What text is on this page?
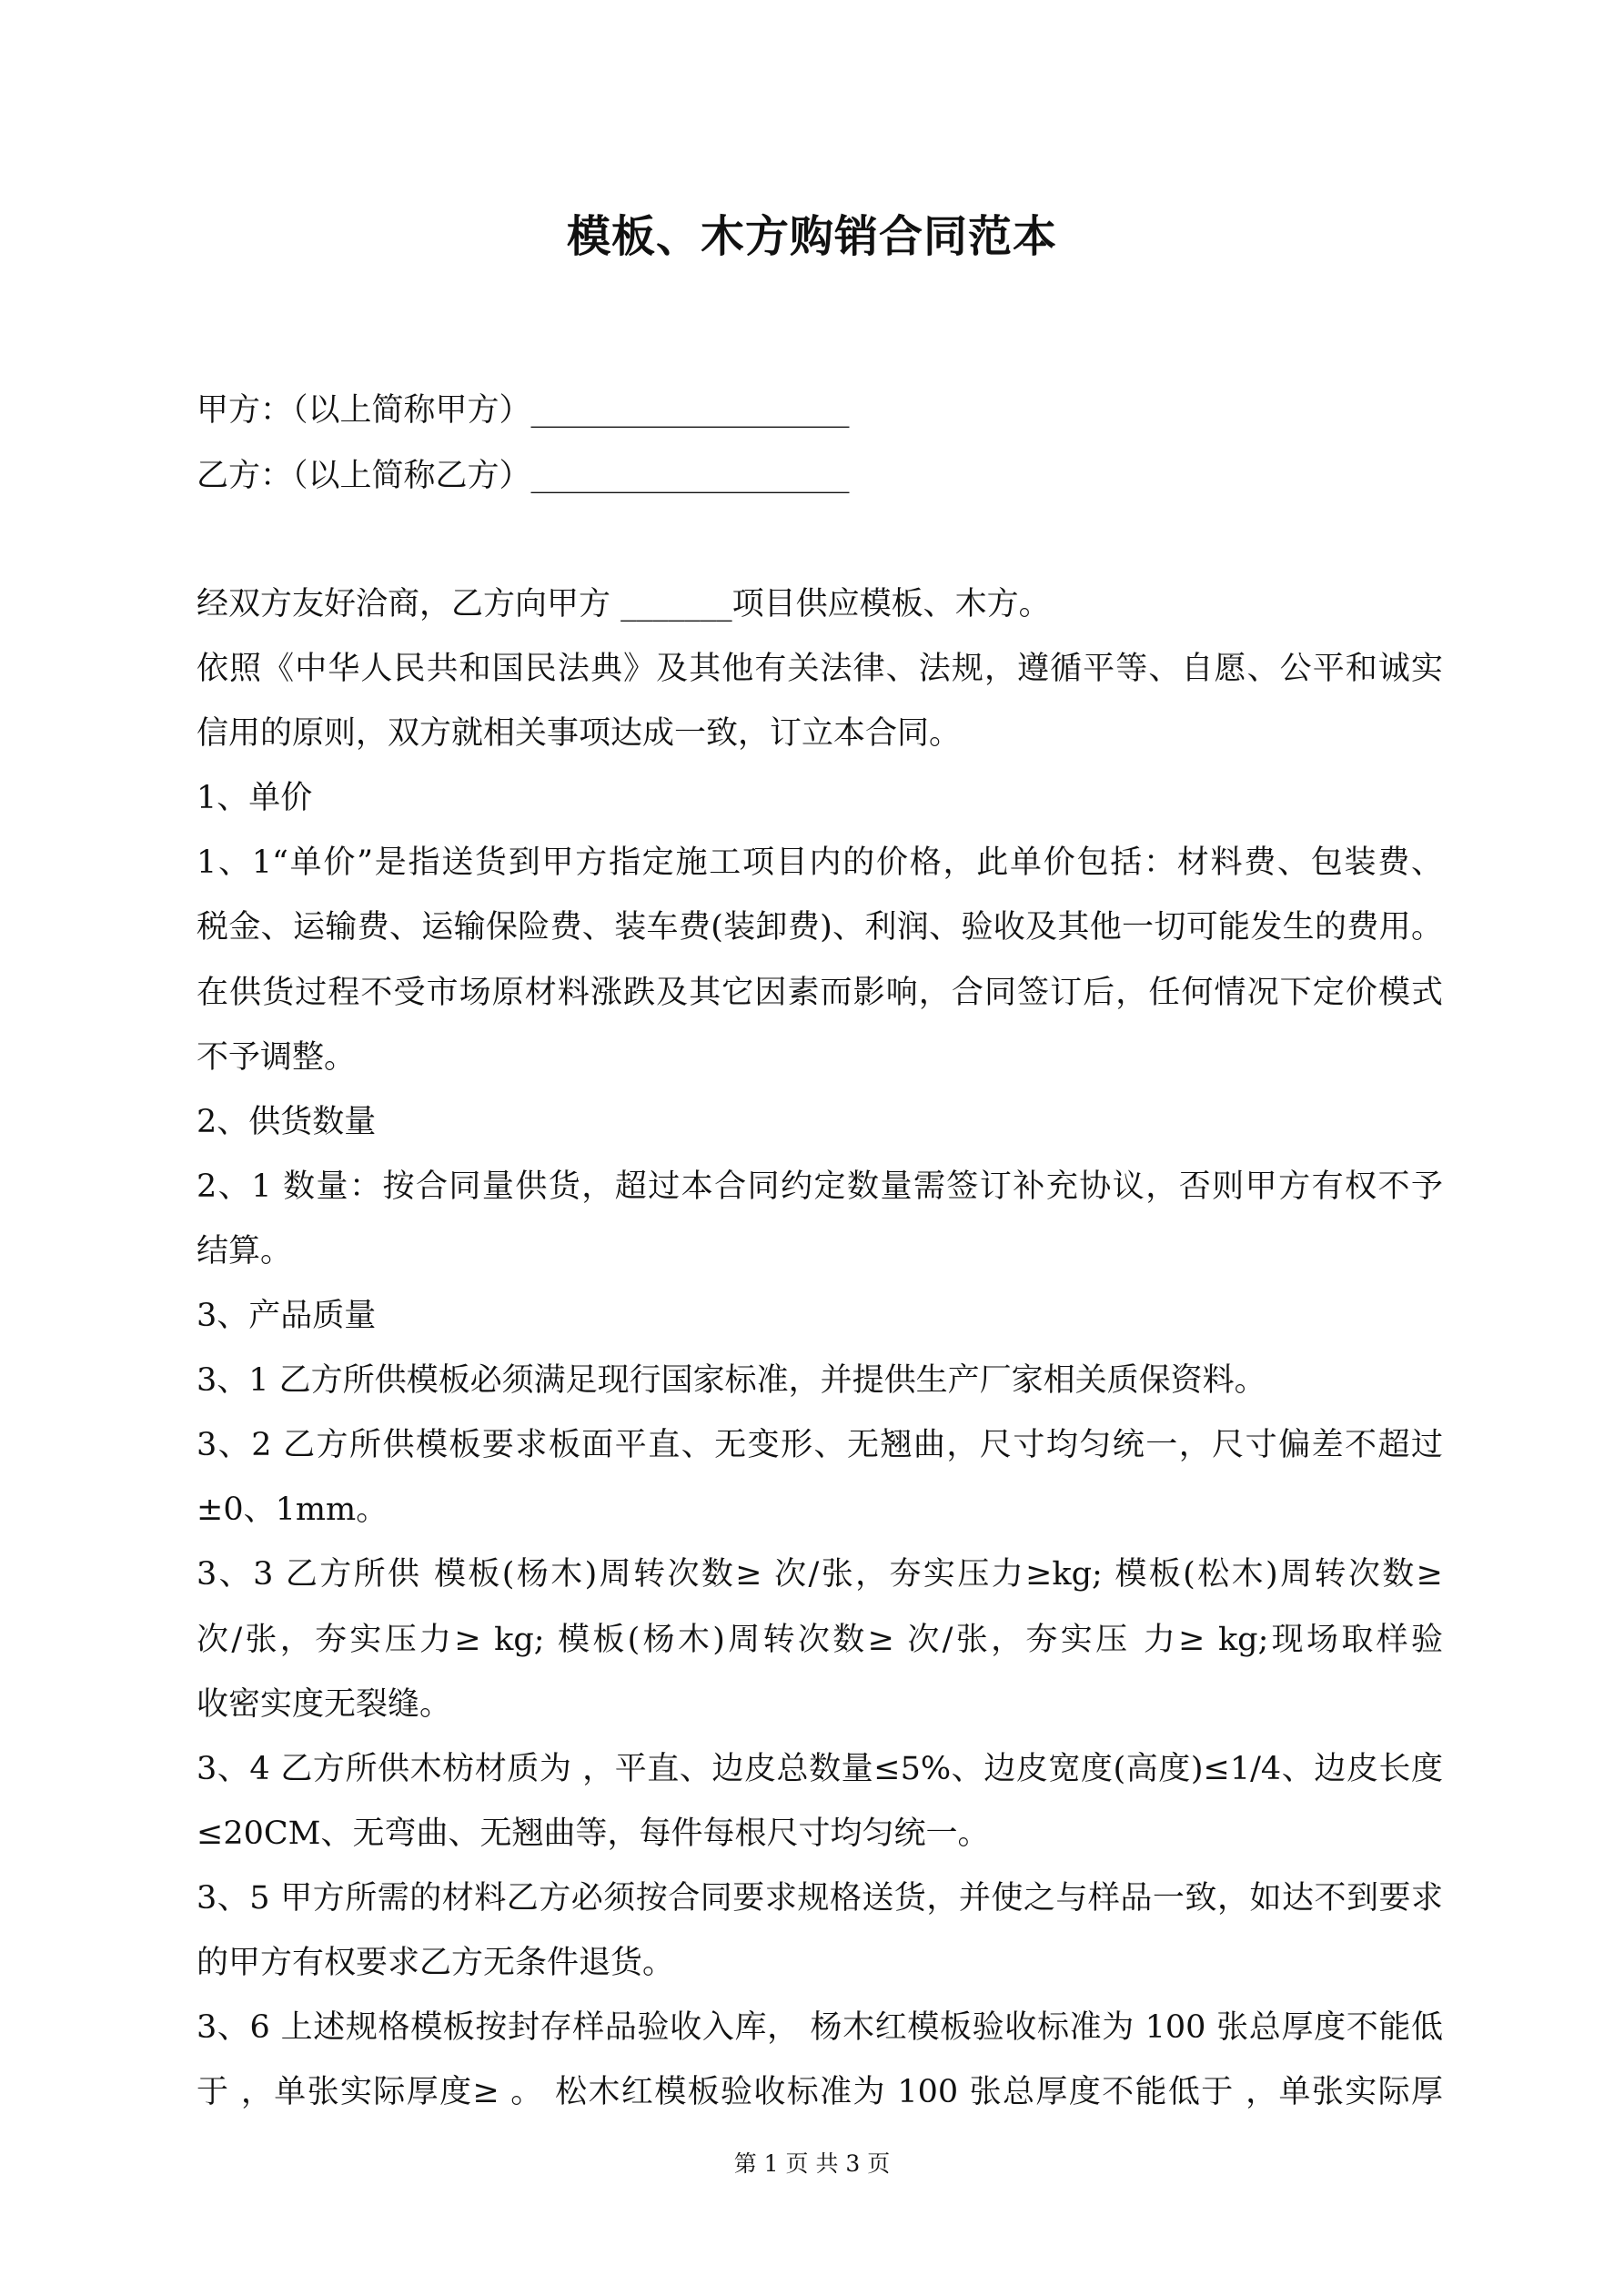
模板、木方购销合同范本
甲方：（以上简称甲方）____________________
乙方：（以上简称乙方）____________________
经双方友好洽商，乙方向甲方 _______项目供应模板、木方。
依照《中华人民共和国民法典》及其他有关法律、法规，遵循平等、自愿、公平和诚实
信用的原则，双方就相关事项达成一致，订立本合同。
1、单价
1、1“单价”是指送货到甲方指定施工项目内的价格，此单价包括：材料费、包装费、
税金、运输费、运输保险费、装车费(装卸费)、利润、验收及其他一切可能发生的费用。
在供货过程不受市场原材料涨跌及其它因素而影响，合同签订后，任何情况下定价模式
不予调整。
2、供货数量
2、1 数量：按合同量供货，超过本合同约定数量需签订补充协议，否则甲方有权不予
结算。
3、产品质量
3、1 乙方所供模板必须满足现行国家标准，并提供生产厂家相关质保资料。
3、2 乙方所供模板要求板面平直、无变形、无翘曲，尺寸均匀统一，尺寸偏差不超过
±0、1mm。
3、3 乙方所供 模板(杨木)周转次数≥ 次/张，夯实压力≥kg; 模板(松木)周转次数≥
次/张，夯实压力≥ kg; 模板(杨木)周转次数≥ 次/张，夯实压 力≥ kg;现场取样验
收密实度无裂缝。
3、4 乙方所供木枋材质为 ，平直、边皮总数量≤5%、边皮宽度(高度)≤1/4、边皮长度
≤20CM、无弯曲、无翘曲等，每件每根尺寸均匀统一。
3、5 甲方所需的材料乙方必须按合同要求规格送货，并使之与样品一致，如达不到要求
的甲方有权要求乙方无条件退货。
3、6 上述规格模板按封存样品验收入库， 杨木红模板验收标准为 100 张总厚度不能低
于 ，单张实际厚度≥ 。 松木红模板验收标准为 100 张总厚度不能低于 ，单张实际厚
第 1 页 共 3 页
